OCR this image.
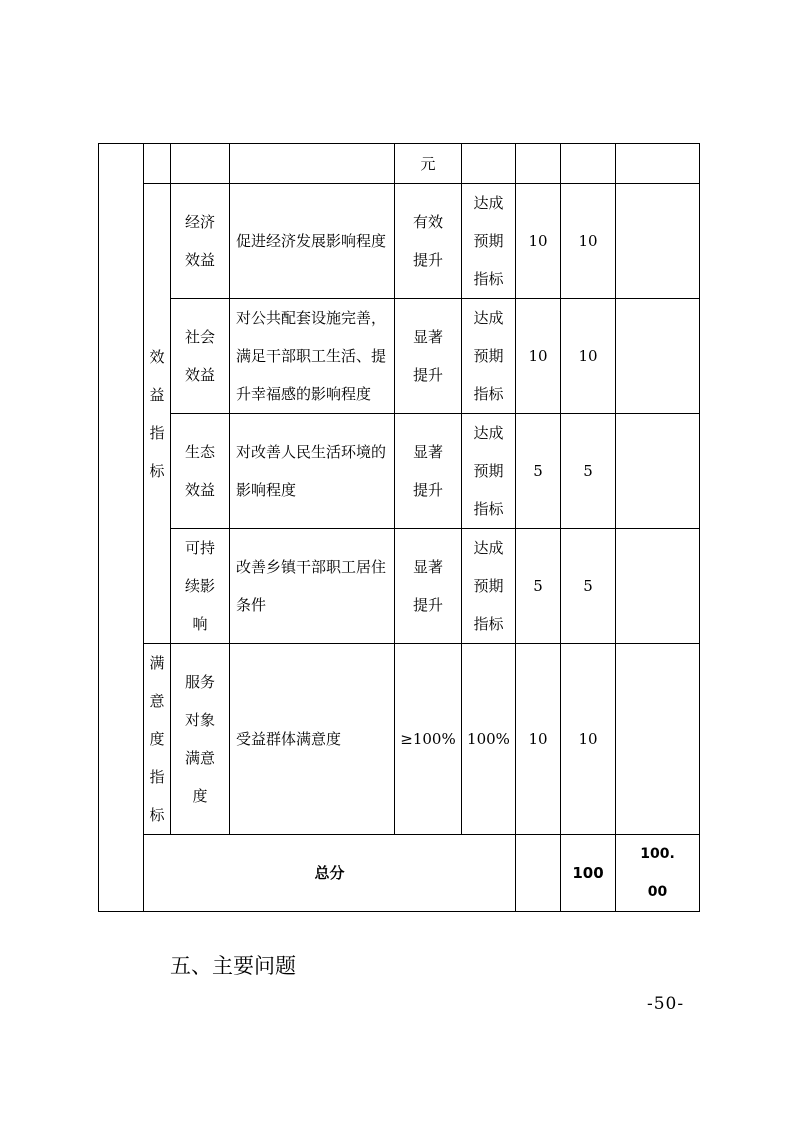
				元					
	效益指标	经济效益	促进经济发展影响程度	有效提升	达成预期指标	10	10		
		社会效益	对公共配套设施完善，满足干部职工生活、提升幸福感的影响程度	显著提升	达成预期指标	10	10		
		生态效益	对改善人民生活环境的影响程度	显著提升	达成预期指标	5	5		
		可持续影响	改善乡镇干部职工居住条件	显著提升	达成预期指标	5	5		
	满意度指标	服务对象满意度	受益群体满意度	≥100%	100%	10	10		
	总分						100	100.00	
五、主要问题
-50-
